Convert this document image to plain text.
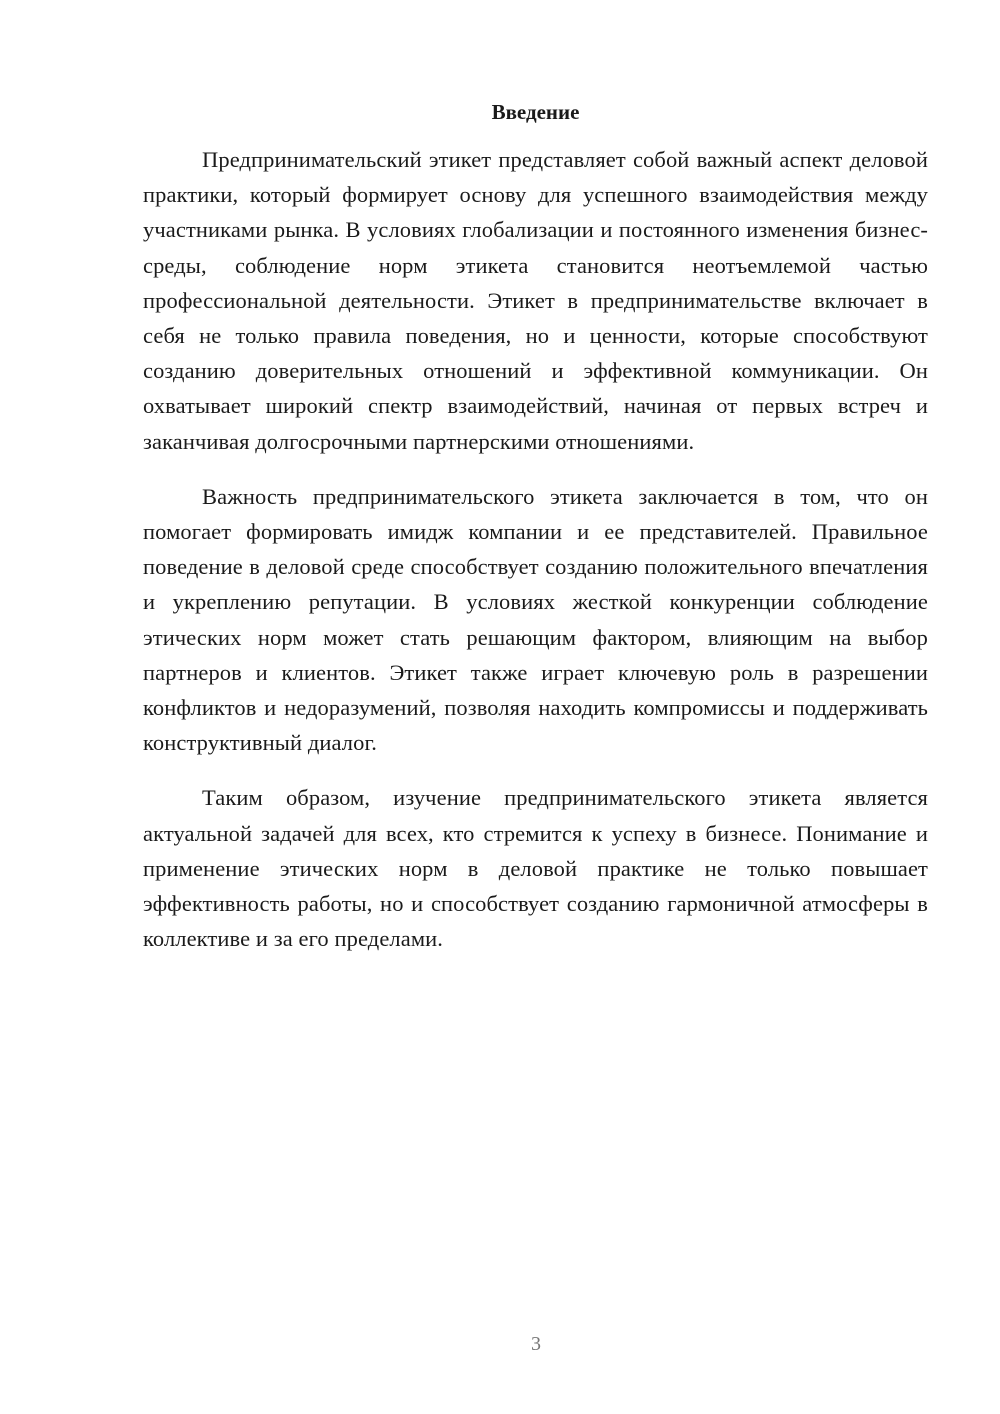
Введение

Предпринимательский этикет представляет собой важный аспект деловой практики, который формирует основу для успешного взаимодействия между участниками рынка. В условиях глобализации и постоянного изменения бизнес-среды, соблюдение норм этикета становится неотъемлемой частью профессиональной деятельности. Этикет в предпринимательстве включает в себя не только правила поведения, но и ценности, которые способствуют созданию доверительных отношений и эффективной коммуникации. Он охватывает широкий спектр взаимодействий, начиная от первых встреч и заканчивая долгосрочными партнерскими отношениями.

Важность предпринимательского этикета заключается в том, что он помогает формировать имидж компании и ее представителей. Правильное поведение в деловой среде способствует созданию положительного впечатления и укреплению репутации. В условиях жесткой конкуренции соблюдение этических норм может стать решающим фактором, влияющим на выбор партнеров и клиентов. Этикет также играет ключевую роль в разрешении конфликтов и недоразумений, позволяя находить компромиссы и поддерживать конструктивный диалог.

Таким образом, изучение предпринимательского этикета является актуальной задачей для всех, кто стремится к успеху в бизнесе. Понимание и применение этических норм в деловой практике не только повышает эффективность работы, но и способствует созданию гармоничной атмосферы в коллективе и за его пределами.

3
